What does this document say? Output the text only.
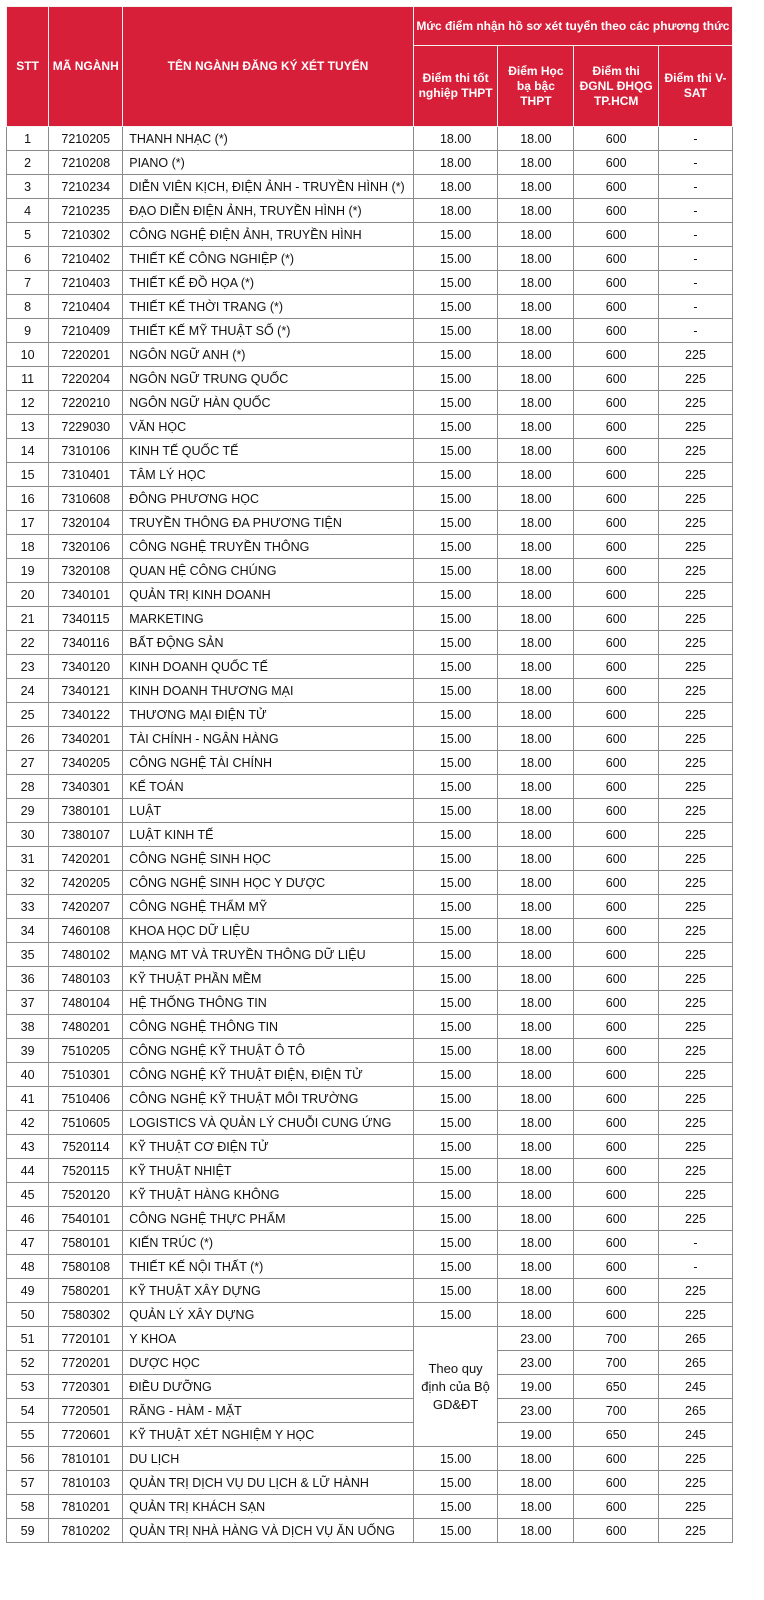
STT	MÃ NGÀNH	TÊN NGÀNH ĐĂNG KÝ XÉT TUYỂN	Mức điểm nhận hồ sơ xét tuyển theo các phương thức			
			Điểm thi tốt nghiệp THPT	Điểm Học bạ bậc THPT	Điểm thi ĐGNL ĐHQG TP.HCM	Điểm thi V-SAT
1	7210205	THANH NHẠC (*)	18.00	18.00	600	-
2	7210208	PIANO (*)	18.00	18.00	600	-
3	7210234	DIỄN VIÊN KỊCH, ĐIỆN ẢNH - TRUYỀN HÌNH (*)	18.00	18.00	600	-
4	7210235	ĐẠO DIỄN ĐIỆN ẢNH, TRUYỀN HÌNH (*)	18.00	18.00	600	-
5	7210302	CÔNG NGHỆ ĐIỆN ẢNH, TRUYỀN HÌNH	15.00	18.00	600	-
6	7210402	THIẾT KẾ CÔNG NGHIỆP (*)	15.00	18.00	600	-
7	7210403	THIẾT KẾ ĐỒ HỌA (*)	15.00	18.00	600	-
8	7210404	THIẾT KẾ THỜI TRANG (*)	15.00	18.00	600	-
9	7210409	THIẾT KẾ MỸ THUẬT SỐ (*)	15.00	18.00	600	-
10	7220201	NGÔN NGỮ ANH (*)	15.00	18.00	600	225
11	7220204	NGÔN NGỮ TRUNG QUỐC	15.00	18.00	600	225
12	7220210	NGÔN NGỮ HÀN QUỐC	15.00	18.00	600	225
13	7229030	VĂN HỌC	15.00	18.00	600	225
14	7310106	KINH TẾ QUỐC TẾ	15.00	18.00	600	225
15	7310401	TÂM LÝ HỌC	15.00	18.00	600	225
16	7310608	ĐÔNG PHƯƠNG HỌC	15.00	18.00	600	225
17	7320104	TRUYỀN THÔNG ĐA PHƯƠNG TIỆN	15.00	18.00	600	225
18	7320106	CÔNG NGHỆ TRUYỀN THÔNG	15.00	18.00	600	225
19	7320108	QUAN HỆ CÔNG CHÚNG	15.00	18.00	600	225
20	7340101	QUẢN TRỊ KINH DOANH	15.00	18.00	600	225
21	7340115	MARKETING	15.00	18.00	600	225
22	7340116	BẤT ĐỘNG SẢN	15.00	18.00	600	225
23	7340120	KINH DOANH QUỐC TẾ	15.00	18.00	600	225
24	7340121	KINH DOANH THƯƠNG MẠI	15.00	18.00	600	225
25	7340122	THƯƠNG MẠI ĐIỆN TỬ	15.00	18.00	600	225
26	7340201	TÀI CHÍNH - NGÂN HÀNG	15.00	18.00	600	225
27	7340205	CÔNG NGHỆ TÀI CHÍNH	15.00	18.00	600	225
28	7340301	KẾ TOÁN	15.00	18.00	600	225
29	7380101	LUẬT	15.00	18.00	600	225
30	7380107	LUẬT KINH TẾ	15.00	18.00	600	225
31	7420201	CÔNG NGHỆ SINH HỌC	15.00	18.00	600	225
32	7420205	CÔNG NGHỆ SINH HỌC Y DƯỢC	15.00	18.00	600	225
33	7420207	CÔNG NGHỆ THẨM MỸ	15.00	18.00	600	225
34	7460108	KHOA HỌC DỮ LIỆU	15.00	18.00	600	225
35	7480102	MẠNG MT VÀ TRUYỀN THÔNG DỮ LIỆU	15.00	18.00	600	225
36	7480103	KỸ THUẬT PHẦN MỀM	15.00	18.00	600	225
37	7480104	HỆ THỐNG THÔNG TIN	15.00	18.00	600	225
38	7480201	CÔNG NGHỆ THÔNG TIN	15.00	18.00	600	225
39	7510205	CÔNG NGHỆ KỸ THUẬT Ô TÔ	15.00	18.00	600	225
40	7510301	CÔNG NGHỆ KỸ THUẬT ĐIỆN, ĐIỆN TỬ	15.00	18.00	600	225
41	7510406	CÔNG NGHỆ KỸ THUẬT MÔI TRƯỜNG	15.00	18.00	600	225
42	7510605	LOGISTICS VÀ QUẢN LÝ CHUỖI CUNG ỨNG	15.00	18.00	600	225
43	7520114	KỸ THUẬT CƠ ĐIỆN TỬ	15.00	18.00	600	225
44	7520115	KỸ THUẬT NHIỆT	15.00	18.00	600	225
45	7520120	KỸ THUẬT HÀNG KHÔNG	15.00	18.00	600	225
46	7540101	CÔNG NGHỆ THỰC PHẨM	15.00	18.00	600	225
47	7580101	KIẾN TRÚC (*)	15.00	18.00	600	-
48	7580108	THIẾT KẾ NỘI THẤT (*)	15.00	18.00	600	-
49	7580201	KỸ THUẬT XÂY DỰNG	15.00	18.00	600	225
50	7580302	QUẢN LÝ XÂY DỰNG	15.00	18.00	600	225
51	7720101	Y KHOA	Theo quy định của Bộ GD&ĐT	23.00	700	265
52	7720201	DƯỢC HỌC		23.00	700	265
53	7720301	ĐIỀU DƯỠNG		19.00	650	245
54	7720501	RĂNG - HÀM - MẶT		23.00	700	265
55	7720601	KỸ THUẬT XÉT NGHIỆM Y HỌC		19.00	650	245
56	7810101	DU LỊCH	15.00	18.00	600	225
57	7810103	QUẢN TRỊ DỊCH VỤ DU LỊCH & LỮ HÀNH	15.00	18.00	600	225
58	7810201	QUẢN TRỊ KHÁCH SẠN	15.00	18.00	600	225
59	7810202	QUẢN TRỊ NHÀ HÀNG VÀ DỊCH VỤ ĂN UỐNG	15.00	18.00	600	225
